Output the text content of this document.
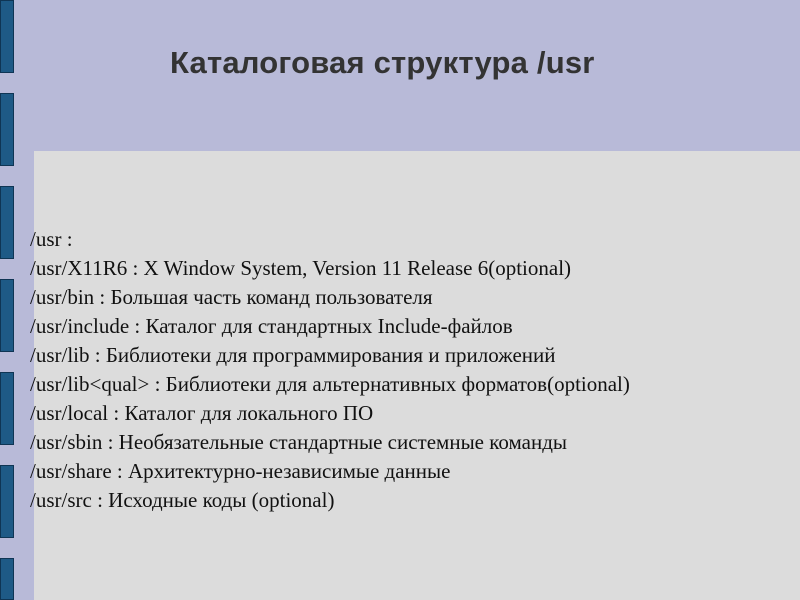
Каталоговая структура /usr
/usr :
/usr/X11R6 : X Window System, Version 11 Release 6(optional)
/usr/bin : Большая часть команд пользователя
/usr/include : Каталог для стандартных Include-файлов
/usr/lib : Библиотеки для программирования и приложений
/usr/lib<qual> : Библиотеки для альтернативных форматов(optional)
/usr/local : Каталог для локального ПО
/usr/sbin : Необязательные стандартные системные команды
/usr/share : Архитектурно-независимые данные
/usr/src : Исходные коды (optional)
